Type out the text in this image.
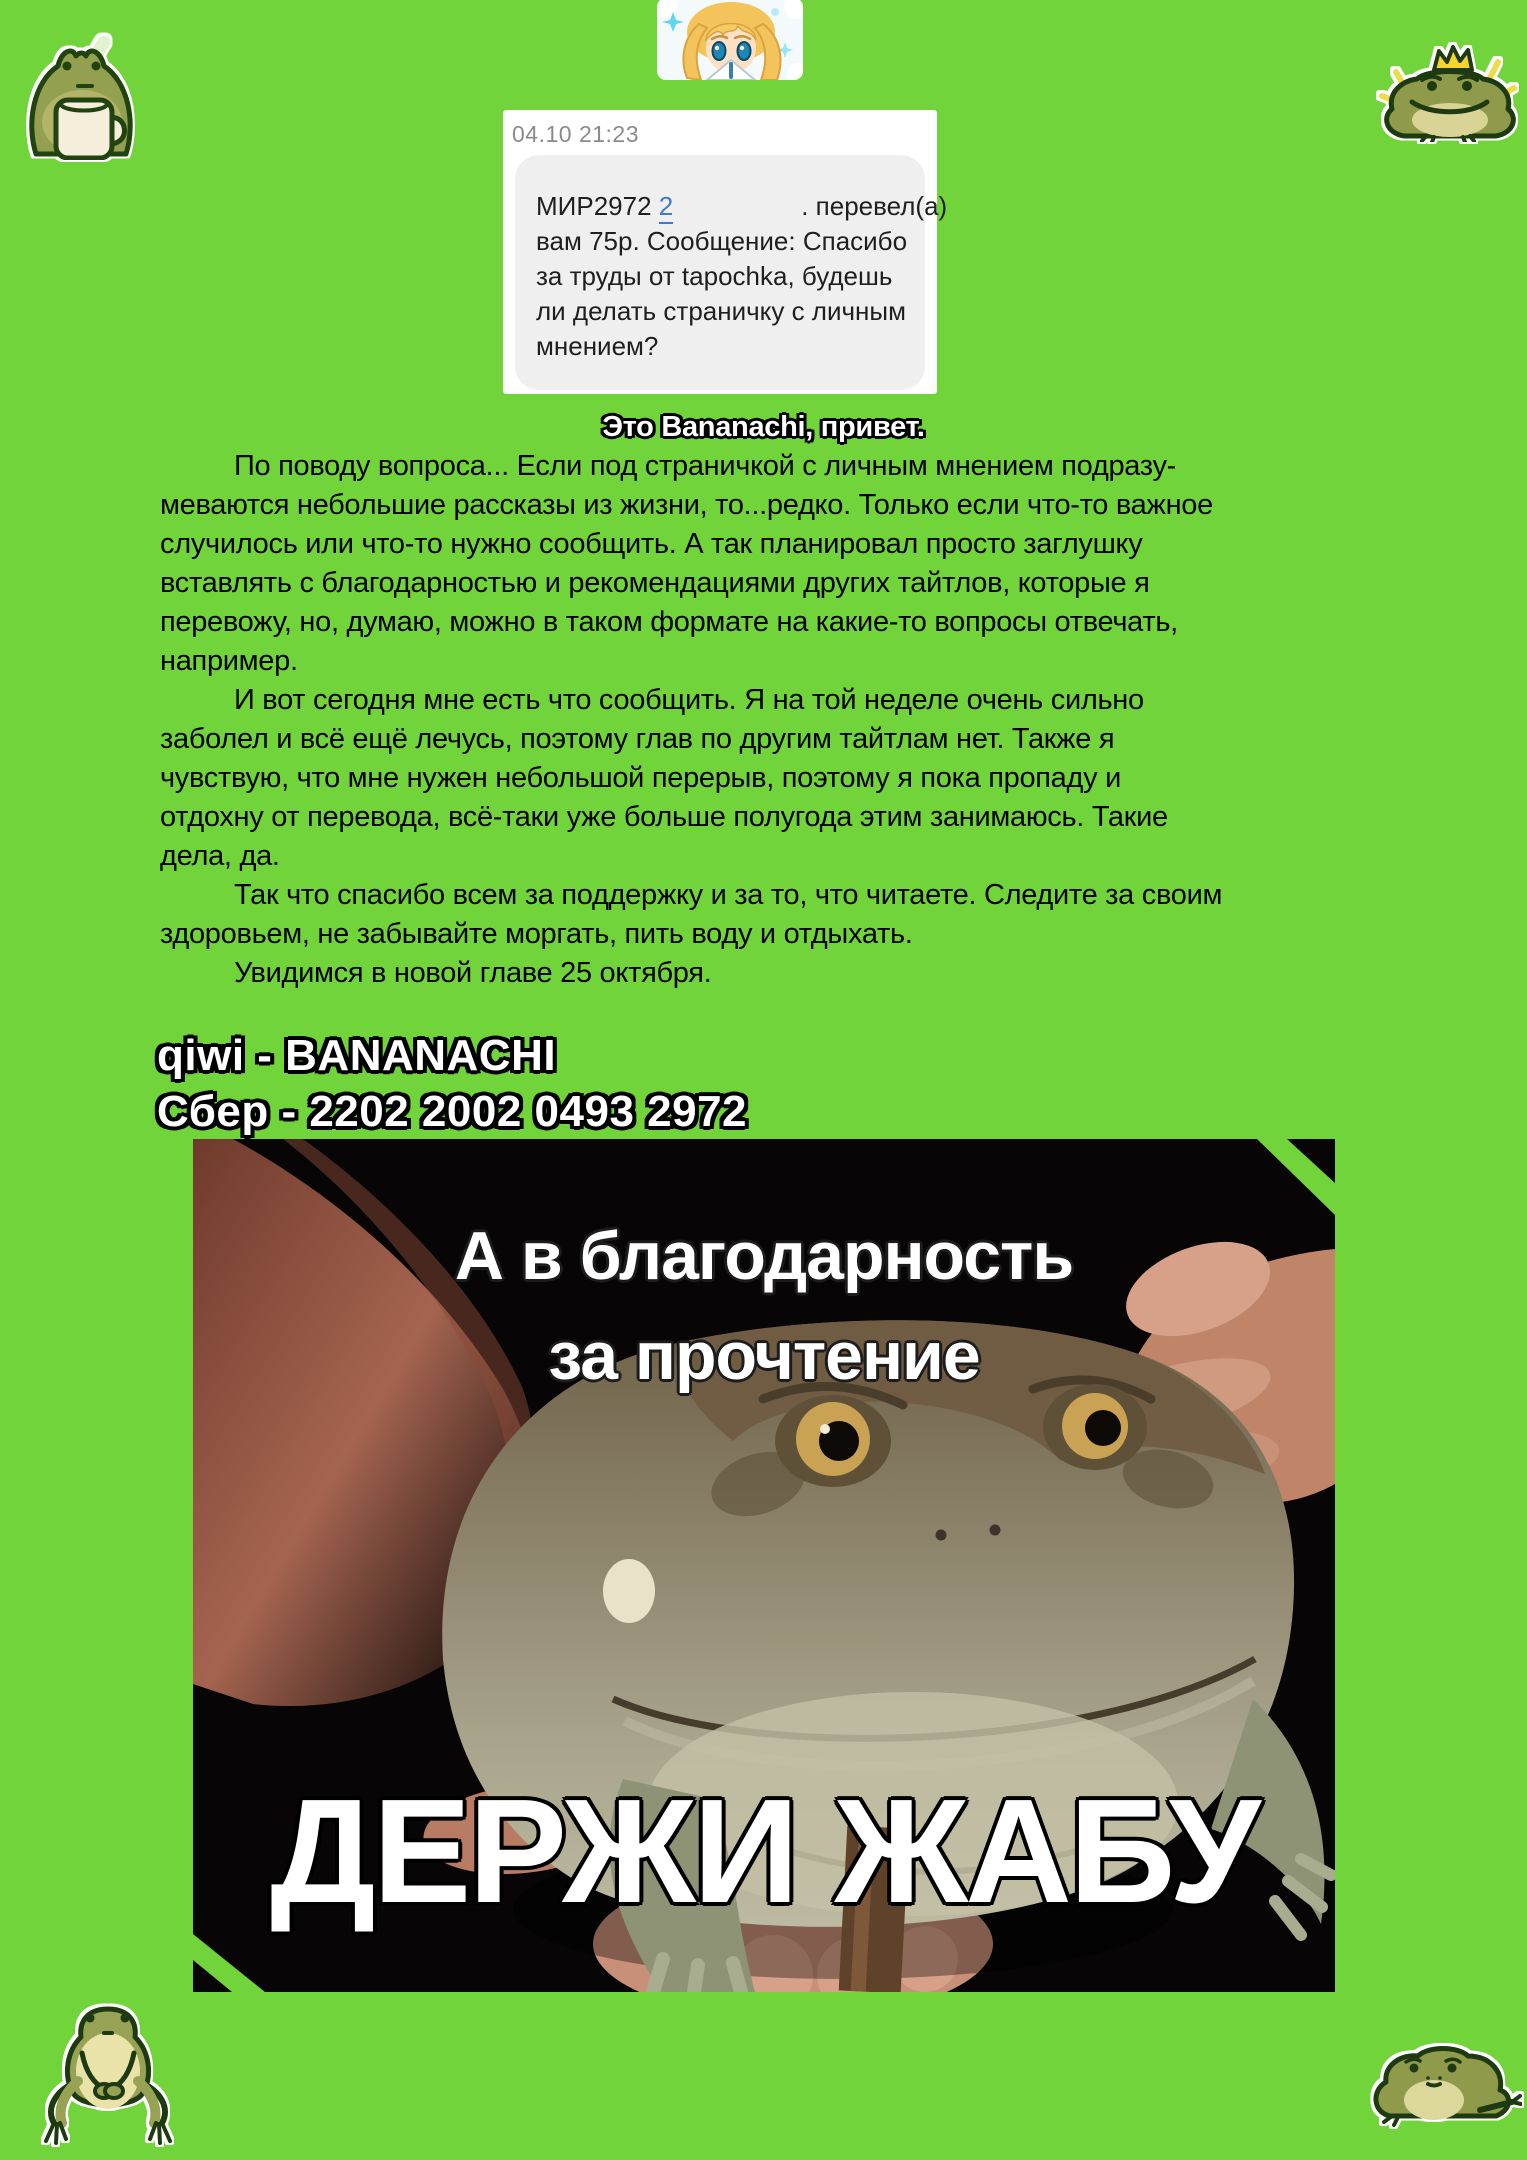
04.10 21:23
МИР2972 2	. перевел(а)
вам 75р. Сообщение: Спасибо
за труды от tapochka, будешь
ли делать страничку с личным
мнением?
Это Bananachi, привет.
По поводу вопроса... Если под страничкой с личным мнением подразу-
меваются небольшие рассказы из жизни, то...редко. Только если что-то важное
случилось или что-то нужно сообщить. А так планировал просто заглушку
вставлять с благодарностью и рекомендациями других тайтлов, которые я
перевожу, но, думаю, можно в таком формате на какие-то вопросы отвечать,
например.
И вот сегодня мне есть что сообщить. Я на той неделе очень сильно
заболел и всё ещё лечусь, поэтому глав по другим тайтлам нет. Также я
чувствую, что мне нужен небольшой перерыв, поэтому я пока пропаду и
отдохну от перевода, всё-таки уже больше полугода этим занимаюсь. Такие
дела, да.
Так что спасибо всем за поддержку и за то, что читаете. Следите за своим
здоровьем, не забывайте моргать, пить воду и отдыхать.
Увидимся в новой главе 25 октября.
qiwi - BANANACHI
Сбер - 2202 2002 0493 2972
А в благодарность
за прочтение
ДЕРЖИ ЖАБУ
